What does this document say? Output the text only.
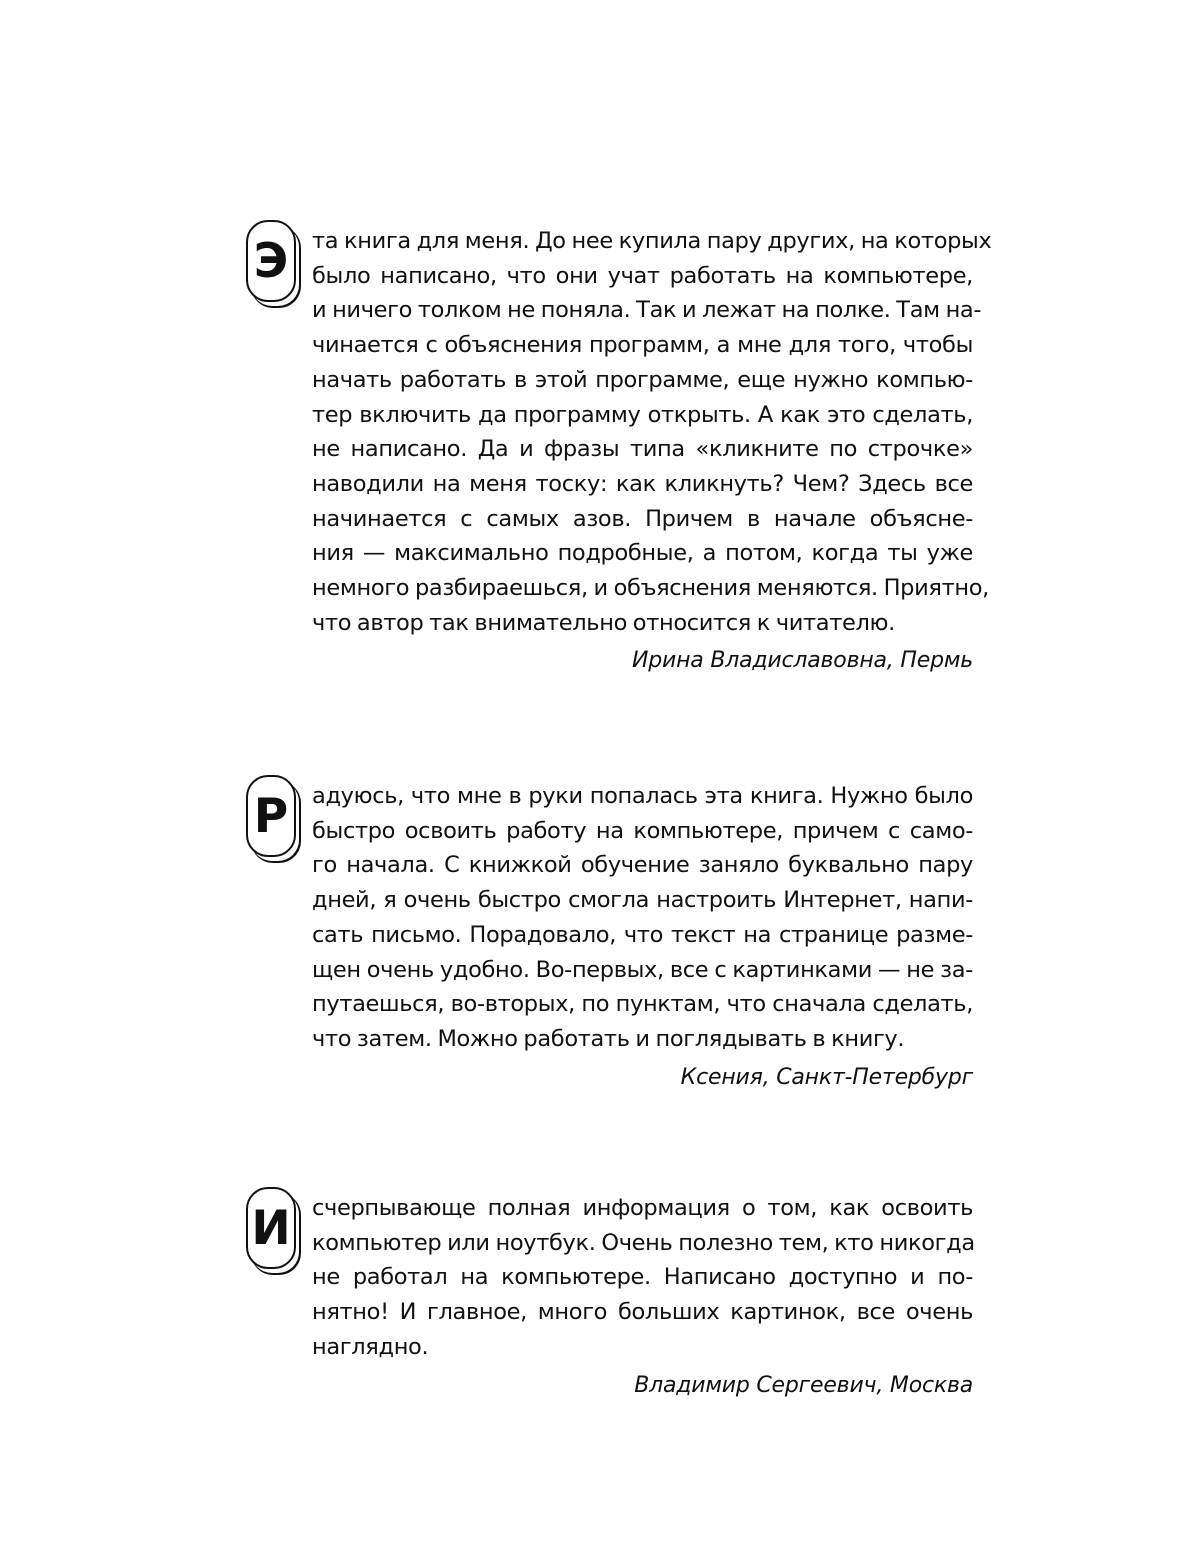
Э	та книга для меня. До нее купила пару других, на которых
было написано, что они учат работать на компьютере,
и ничего толком не поняла. Так и лежат на полке. Там на-
чинается с объяснения программ, а мне для того, чтобы
начать работать в этой программе, еще нужно компью-
тер включить да программу открыть. А как это сделать,
не написано. Да и фразы типа «кликните по строчке»
наводили на меня тоску: как кликнуть? Чем? Здесь все
начинается с самых азов. Причем в начале объясне-
ния — максимально подробные, а потом, когда ты уже
немного разбираешься, и объяснения меняются. Приятно,
что автор так внимательно относится к читателю.
Ирина Владиславовна, Пермь
Р	адуюсь, что мне в руки попалась эта книга. Нужно было
быстро освоить работу на компьютере, причем с само-
го начала. С книжкой обучение заняло буквально пару
дней, я очень быстро смогла настроить Интернет, напи-
сать письмо. Порадовало, что текст на странице разме-
щен очень удобно. Во-первых, все с картинками — не за-
путаешься, во-вторых, по пунктам, что сначала сделать,
что затем. Можно работать и поглядывать в книгу.
Ксения, Санкт-Петербург
И счерпывающе полная информация о том, как освоить
компьютер или ноутбук. Очень полезно тем, кто никогда
не работал на компьютере. Написано доступно и по-
нятно! И главное, много больших картинок, все очень
наглядно.
Владимир Сергеевич, Москва
